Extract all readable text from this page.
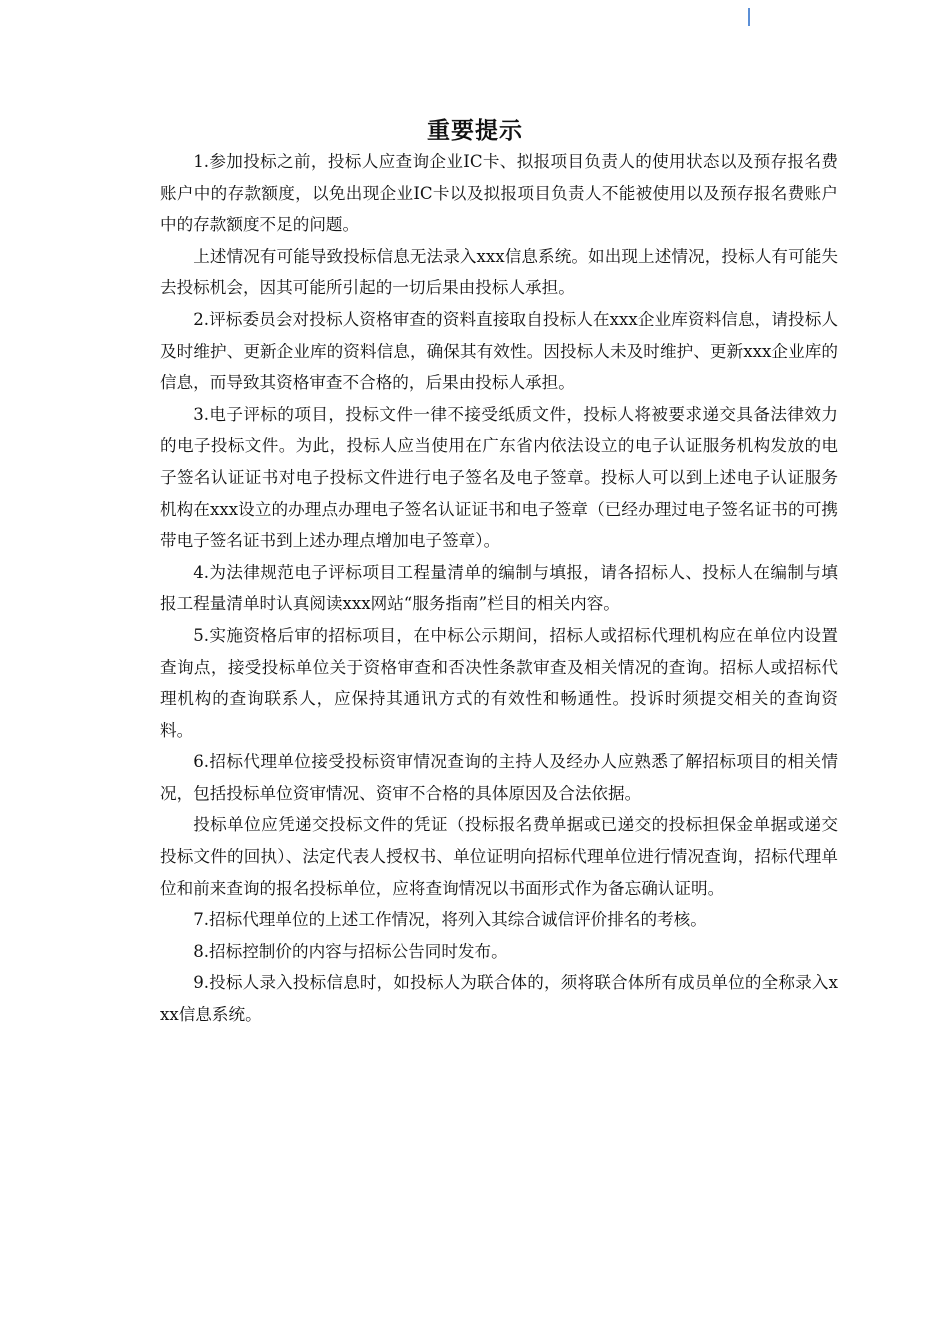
重要提示

1.参加投标之前，投标人应查询企业IC卡、拟报项目负责人的使用状态以及预存报名费账户中的存款额度，以免出现企业IC卡以及拟报项目负责人不能被使用以及预存报名费账户中的存款额度不足的问题。

上述情况有可能导致投标信息无法录入xxx信息系统。如出现上述情况，投标人有可能失去投标机会，因其可能所引起的一切后果由投标人承担。

2.评标委员会对投标人资格审查的资料直接取自投标人在xxx企业库资料信息，请投标人及时维护、更新企业库的资料信息，确保其有效性。因投标人未及时维护、更新xxx企业库的信息，而导致其资格审查不合格的，后果由投标人承担。

3.电子评标的项目，投标文件一律不接受纸质文件，投标人将被要求递交具备法律效力的电子投标文件。为此，投标人应当使用在广东省内依法设立的电子认证服务机构发放的电子签名认证证书对电子投标文件进行电子签名及电子签章。投标人可以到上述电子认证服务机构在xxx设立的办理点办理电子签名认证证书和电子签章（已经办理过电子签名证书的可携带电子签名证书到上述办理点增加电子签章）。

4.为法律规范电子评标项目工程量清单的编制与填报，请各招标人、投标人在编制与填报工程量清单时认真阅读xxx网站“服务指南”栏目的相关内容。

5.实施资格后审的招标项目，在中标公示期间，招标人或招标代理机构应在单位内设置查询点，接受投标单位关于资格审查和否决性条款审查及相关情况的查询。招标人或招标代理机构的查询联系人，应保持其通讯方式的有效性和畅通性。投诉时须提交相关的查询资料。

6.招标代理单位接受投标资审情况查询的主持人及经办人应熟悉了解招标项目的相关情况，包括投标单位资审情况、资审不合格的具体原因及合法依据。

投标单位应凭递交投标文件的凭证（投标报名费单据或已递交的投标担保金单据或递交投标文件的回执）、法定代表人授权书、单位证明向招标代理单位进行情况查询，招标代理单位和前来查询的报名投标单位，应将查询情况以书面形式作为备忘确认证明。

7.招标代理单位的上述工作情况，将列入其综合诚信评价排名的考核。

8.招标控制价的内容与招标公告同时发布。

9.投标人录入投标信息时，如投标人为联合体的，须将联合体所有成员单位的全称录入xxx信息系统。
